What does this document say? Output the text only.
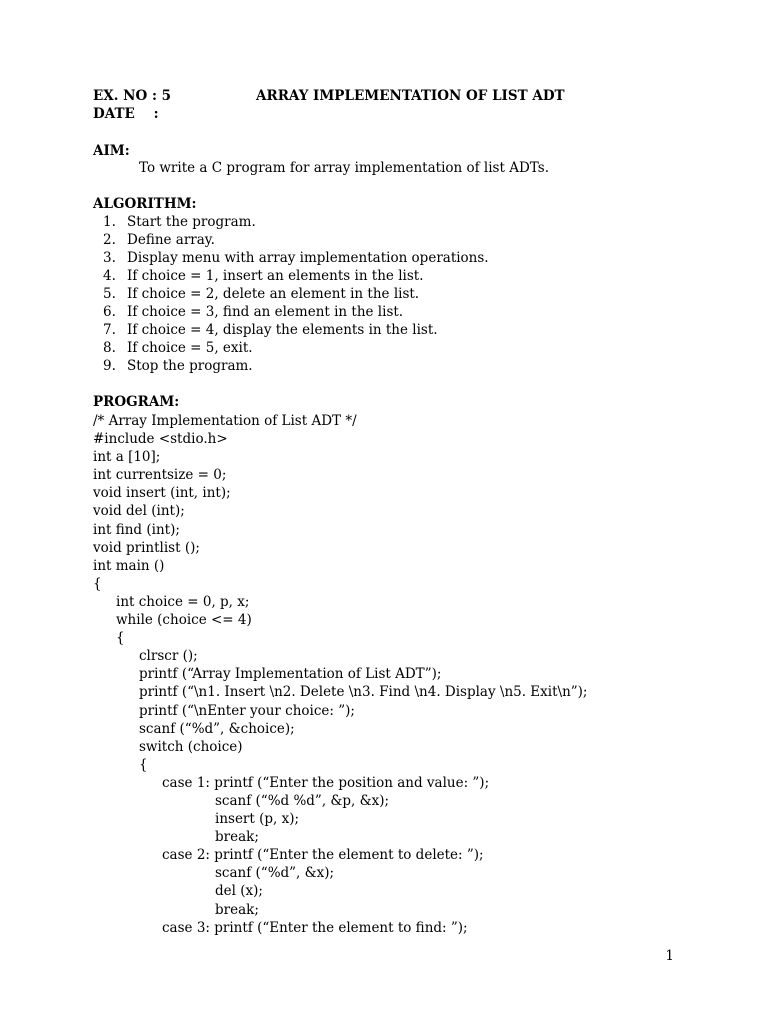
EX. NO : 5	ARRAY IMPLEMENTATION OF LIST ADT
DATE    :
AIM:
To write a C program for array implementation of list ADTs.
ALGORITHM:
1. Start the program.
2. Define array.
3. Display menu with array implementation operations.
4. If choice = 1, insert an elements in the list.
5. If choice = 2, delete an element in the list.
6. If choice = 3, find an element in the list.
7. If choice = 4, display the elements in the list.
8. If choice = 5, exit.
9. Stop the program.
PROGRAM:
/* Array Implementation of List ADT */
#include <stdio.h>
int a [10];
int currentsize = 0;
void insert (int, int);
void del (int);
int find (int);
void printlist ();
int main ()
{
int choice = 0, p, x;
while (choice <= 4)
{
clrscr ();
printf (“Array Implementation of List ADT”);
printf (“\n1. Insert \n2. Delete \n3. Find \n4. Display \n5. Exit\n”);
printf (“\nEnter your choice: ”);
scanf (“%d”, &choice);
switch (choice)
{
case 1: printf (“Enter the position and value: ”);
scanf (“%d %d”, &p, &x);
insert (p, x);
break;
case 2: printf (“Enter the element to delete: ”);
scanf (“%d”, &x);
del (x);
break;
case 3: printf (“Enter the element to find: ”);
1
